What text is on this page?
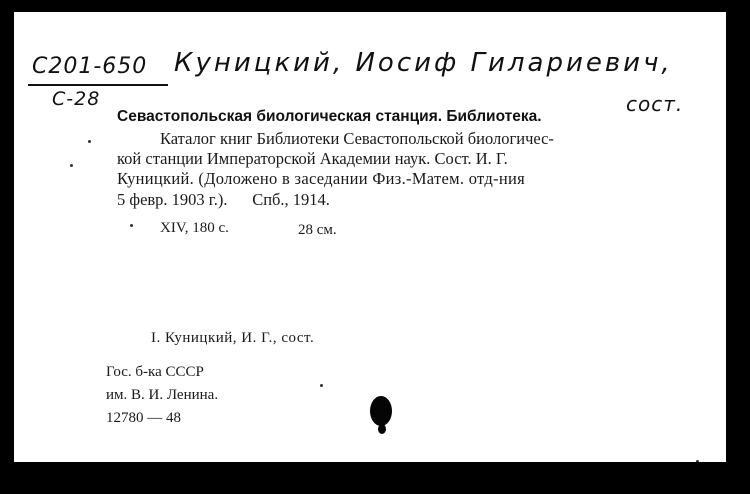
С201-650
С-28
Куницкий, Иосиф Гилариевич,
сост.
Севастопольская биологическая станция. Библиотека.
Каталог книг Библиотеки Севастопольской биологичес-
кой станции Императорской Академии наук. Сост. И. Г.
Куницкий. (Доложено в заседании Физ.-Матем. отд-ния
5 февр. 1903 г.).      Спб., 1914.
XIV, 180 с.	28 см.
I. Куницкий, И. Г., сост.
Гос. б-ка СССР
им. В. И. Ленина.
12780 — 48
